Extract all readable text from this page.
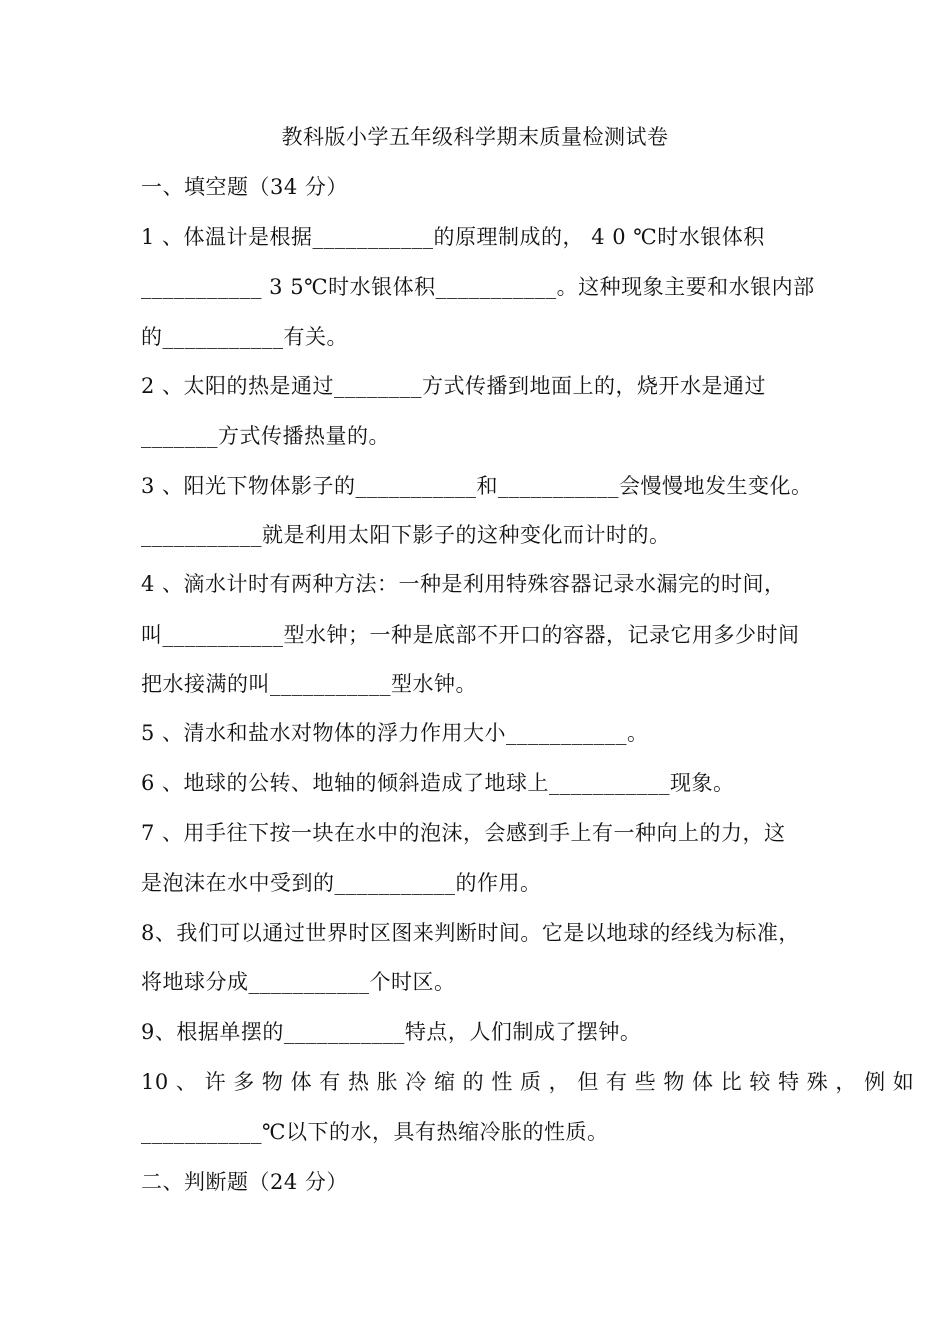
教科版小学五年级科学期末质量检测试卷
一、填空题（34 分）
1 、体温计是根据___________的原理制成的， 4 0 ℃时水银体积
___________ 3 5℃时水银体积___________。这种现象主要和水银内部
的___________有关。
2 、太阳的热是通过________方式传播到地面上的，烧开水是通过
_______方式传播热量的。
3 、阳光下物体影子的___________和___________会慢慢地发生变化。
___________就是利用太阳下影子的这种变化而计时的。
4 、滴水计时有两种方法：一种是利用特殊容器记录水漏完的时间，
叫___________型水钟；一种是底部不开口的容器，记录它用多少时间
把水接满的叫___________型水钟。
5 、清水和盐水对物体的浮力作用大小___________。
6 、地球的公转、地轴的倾斜造成了地球上___________现象。
7 、用手往下按一块在水中的泡沫，会感到手上有一种向上的力，这
是泡沫在水中受到的___________的作用。
8、我们可以通过世界时区图来判断时间。它是以地球的经线为标准，
将地球分成___________个时区。
9、根据单摆的___________特点，人们制成了摆钟。
10 、 许 多 物 体 有 热 胀 冷 缩 的 性 质 ， 但 有 些 物 体 比 较 特 殊 ， 例 如
___________℃以下的水，具有热缩冷胀的性质。
二、判断题（24 分）
